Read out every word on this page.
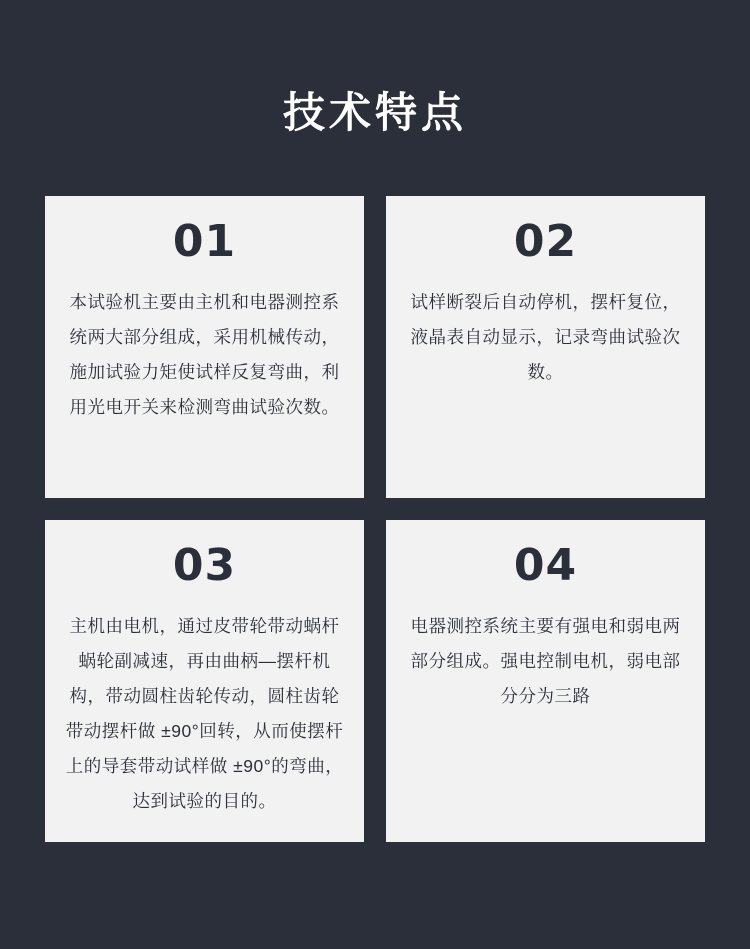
技术特点
01

本试验机主要由主机和电器测控系统两大部分组成，采用机械传动，施加试验力矩使试样反复弯曲，利用光电开关来检测弯曲试验次数。

02

试样断裂后自动停机，摆杆复位，液晶表自动显示，记录弯曲试验次数。

03

主机由电机，通过皮带轮带动蜗杆蜗轮副减速，再由曲柄—摆杆机构，带动圆柱齿轮传动，圆柱齿轮带动摆杆做 ±90°回转，从而使摆杆上的导套带动试样做 ±90°的弯曲，达到试验的目的。

04

电器测控系统主要有强电和弱电两部分组成。强电控制电机，弱电部分分为三路
